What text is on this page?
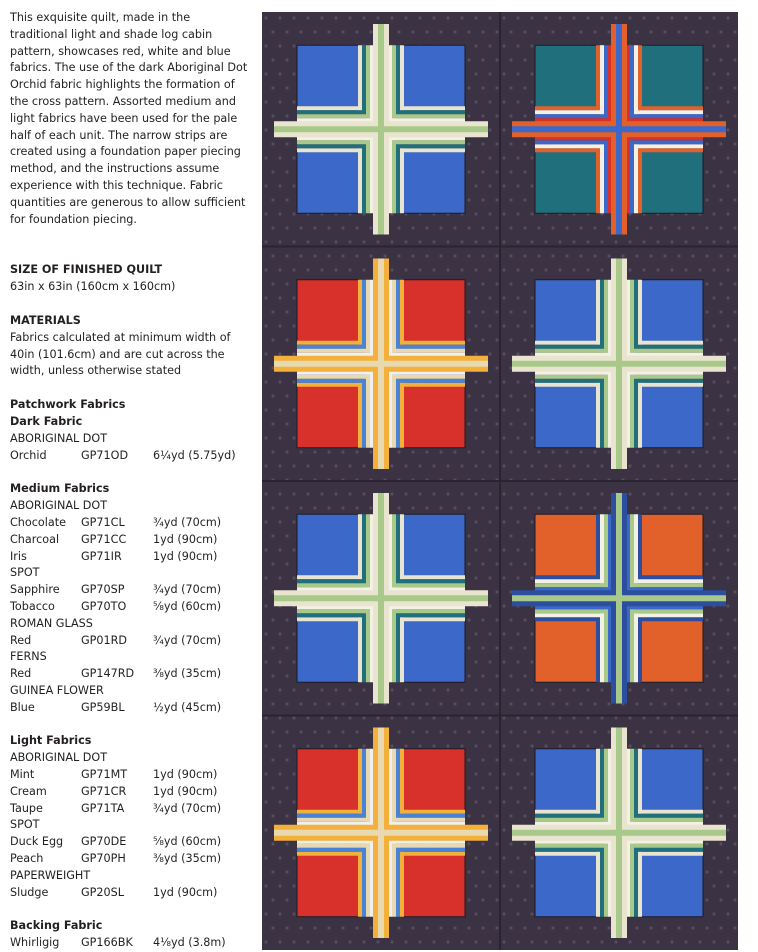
This exquisite quilt, made in the traditional light and shade log cabin pattern, showcases red, white and blue fabrics. The use of the dark Aboriginal Dot Orchid fabric highlights the formation of the cross pattern. Assorted medium and light fabrics have been used for the pale half of each unit. The narrow strips are created using a foundation paper piecing method, and the instructions assume experience with this technique. Fabric quantities are generous to allow sufficient for foundation piecing.

SIZE OF FINISHED QUILT

63in x 63in (160cm x 160cm)

MATERIALS

Fabrics calculated at minimum width of 40in (101.6cm) and are cut across the width, unless otherwise stated

Patchwork Fabrics

Dark Fabric

ABORIGINAL DOT

Orchid	GP71OD	6¼yd (5.75yd)

Medium Fabrics

ABORIGINAL DOT

Chocolate	GP71CL	¾yd (70cm)
Charcoal	GP71CC	1yd (90cm)
Iris	GP71IR	1yd (90cm)

SPOT

Sapphire	GP70SP	¾yd (70cm)
Tobacco	GP70TO	⅝yd (60cm)

ROMAN GLASS

Red	GP01RD	¾yd (70cm)

FERNS

Red	GP147RD	⅜yd (35cm)

GUINEA FLOWER

Blue	GP59BL	½yd (45cm)

Light Fabrics

ABORIGINAL DOT

Mint	GP71MT	1yd (90cm)
Cream	GP71CR	1yd (90cm)
Taupe	GP71TA	¾yd (70cm)

SPOT

Duck Egg	GP70DE	⅝yd (60cm)
Peach	GP70PH	⅜yd (35cm)

PAPERWEIGHT

Sludge	GP20SL	1yd (90cm)

Backing Fabric

Whirligig	GP166BK	4⅛yd (3.8m)
